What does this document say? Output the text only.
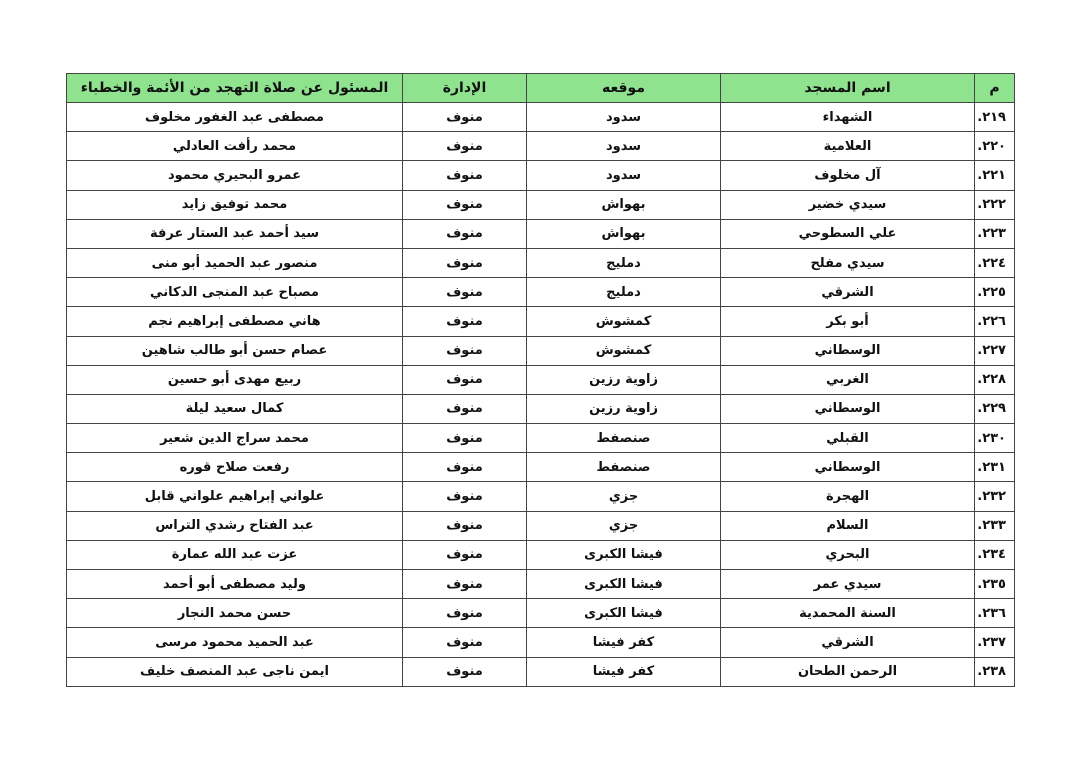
م	اسم المسجد	موقعه	الإدارة	المسئول عن صلاة التهجد من الأئمة والخطباء
٢١٩.	الشهداء	سدود	منوف	مصطفى عبد الغفور مخلوف
٢٢٠.	العلامية	سدود	منوف	محمد رأفت العادلي
٢٢١.	آل مخلوف	سدود	منوف	عمرو البحيري محمود
٢٢٢.	سيدي خضير	بهواش	منوف	محمد توفيق زايد
٢٢٣.	علي السطوحي	بهواش	منوف	سيد أحمد عبد الستار عرفة
٢٢٤.	سيدي مفلح	دمليج	منوف	منصور عبد الحميد أبو منى
٢٢٥.	الشرقي	دمليج	منوف	مصباح عبد المنجى الدكاني
٢٢٦.	أبو بكر	كمشوش	منوف	هاني مصطفى إبراهيم نجم
٢٢٧.	الوسطاني	كمشوش	منوف	عصام حسن أبو طالب شاهين
٢٢٨.	الغربي	زاوية رزين	منوف	ربيع مهدى أبو حسين
٢٢٩.	الوسطاني	زاوية رزين	منوف	كمال سعيد ليلة
٢٣٠.	القبلي	صنصفط	منوف	محمد سراج الدين شعير
٢٣١.	الوسطاني	صنصفط	منوف	رفعت صلاح قوره
٢٣٢.	الهجرة	جزي	منوف	علواني إبراهيم علواني قابل
٢٣٣.	السلام	جزي	منوف	عبد الفتاح رشدي التراس
٢٣٤.	البحري	فيشا الكبرى	منوف	عزت عبد الله عمارة
٢٣٥.	سيدي عمر	فيشا الكبرى	منوف	وليد مصطفى أبو أحمد
٢٣٦.	السنة المحمدية	فيشا الكبرى	منوف	حسن محمد النجار
٢٣٧.	الشرقي	كفر فيشا	منوف	عبد الحميد محمود مرسى
٢٣٨.	الرحمن الطحان	كفر فيشا	منوف	ايمن ناجى عبد المنصف خليف
